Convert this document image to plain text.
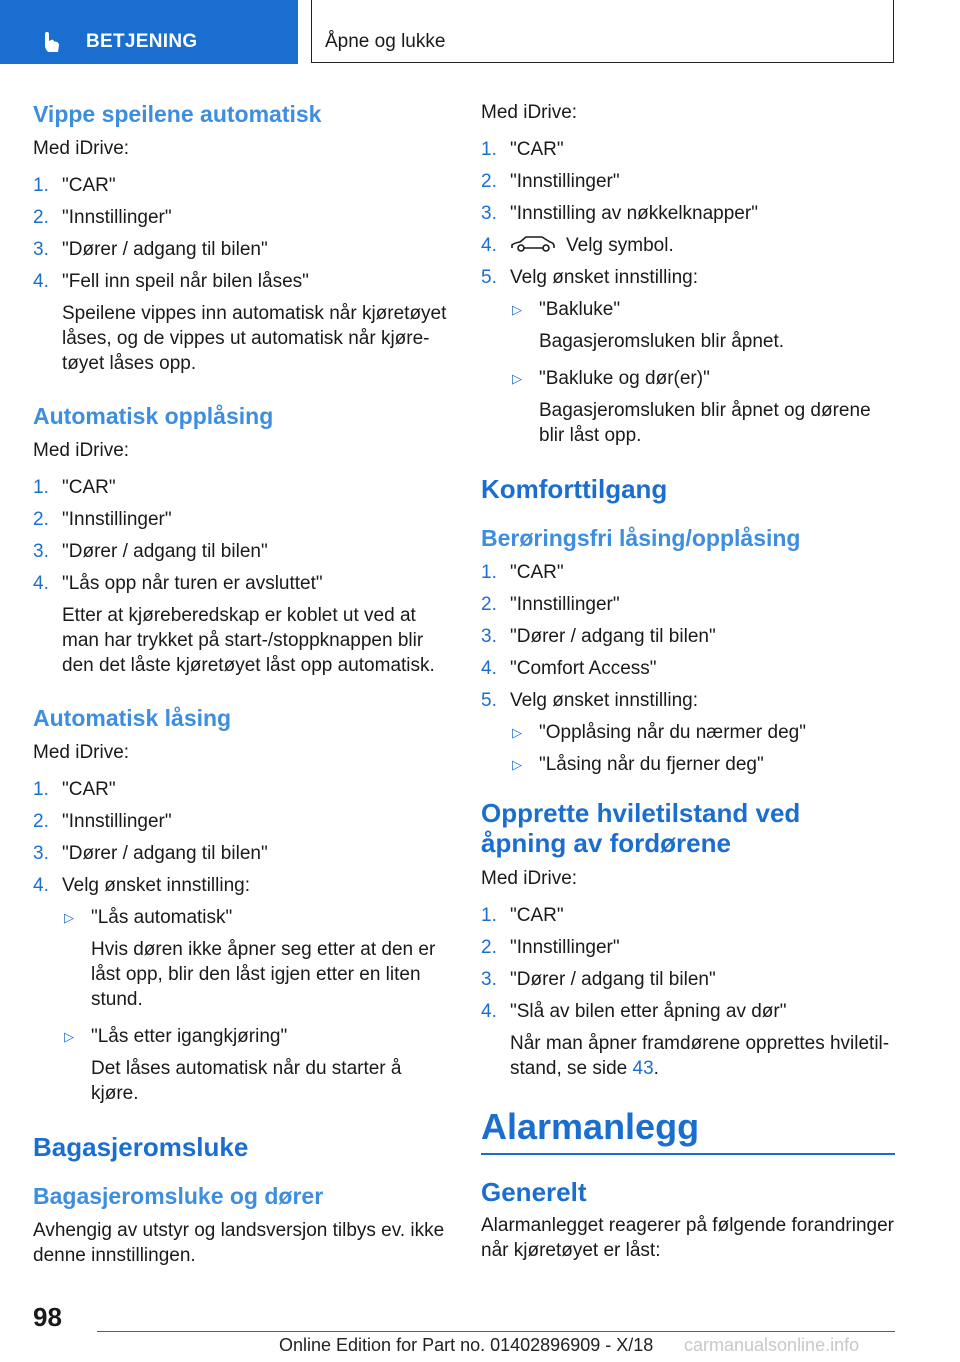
BETJENING	Åpne og lukke
Vippe speilene automatisk
Med iDrive:
1. "CAR"
2. "Innstillinger"
3. "Dører / adgang til bilen"
4. "Fell inn speil når bilen låses"
Speilene vippes inn automatisk når kjøretøyet låses, og de vippes ut automatisk når kjøre-tøyet låses opp.
Automatisk opplåsing
Med iDrive:
1. "CAR"
2. "Innstillinger"
3. "Dører / adgang til bilen"
4. "Lås opp når turen er avsluttet"
Etter at kjøreberedskap er koblet ut ved at man har trykket på start-/stoppknappen blir den det låste kjøretøyet låst opp automatisk.
Automatisk låsing
Med iDrive:
1. "CAR"
2. "Innstillinger"
3. "Dører / adgang til bilen"
4. Velg ønsket innstilling:
▷ "Lås automatisk"
Hvis døren ikke åpner seg etter at den er låst opp, blir den låst igjen etter en liten stund.
▷ "Lås etter igangkjøring"
Det låses automatisk når du starter å kjøre.
Bagasjeromsluke
Bagasjeromsluke og dører
Avhengig av utstyr og landsversjon tilbys ev. ikke denne innstillingen.
Med iDrive:
1. "CAR"
2. "Innstillinger"
3. "Innstilling av nøkkelknapper"
4.	Velg symbol.
5. Velg ønsket innstilling:
▷ "Bakluke"
Bagasjeromsluken blir åpnet.
▷ "Bakluke og dør(er)"
Bagasjeromsluken blir åpnet og dørene blir låst opp.
Komforttilgang
Berøringsfri låsing/opplåsing
1. "CAR"
2. "Innstillinger"
3. "Dører / adgang til bilen"
4. "Comfort Access"
5. Velg ønsket innstilling:
▷ "Opplåsing når du nærmer deg"
▷ "Låsing når du fjerner deg"
Opprette hviletilstand ved
åpning av fordørene
Med iDrive:
1. "CAR"
2. "Innstillinger"
3. "Dører / adgang til bilen"
4. "Slå av bilen etter åpning av dør"
Når man åpner framdørene opprettes hviletil-stand, se side 43.
Alarmanlegg
Generelt
Alarmanlegget reagerer på følgende forandringer når kjøretøyet er låst:
98
Online Edition for Part no. 01402896909 - X/18 carmanualsonline.info
